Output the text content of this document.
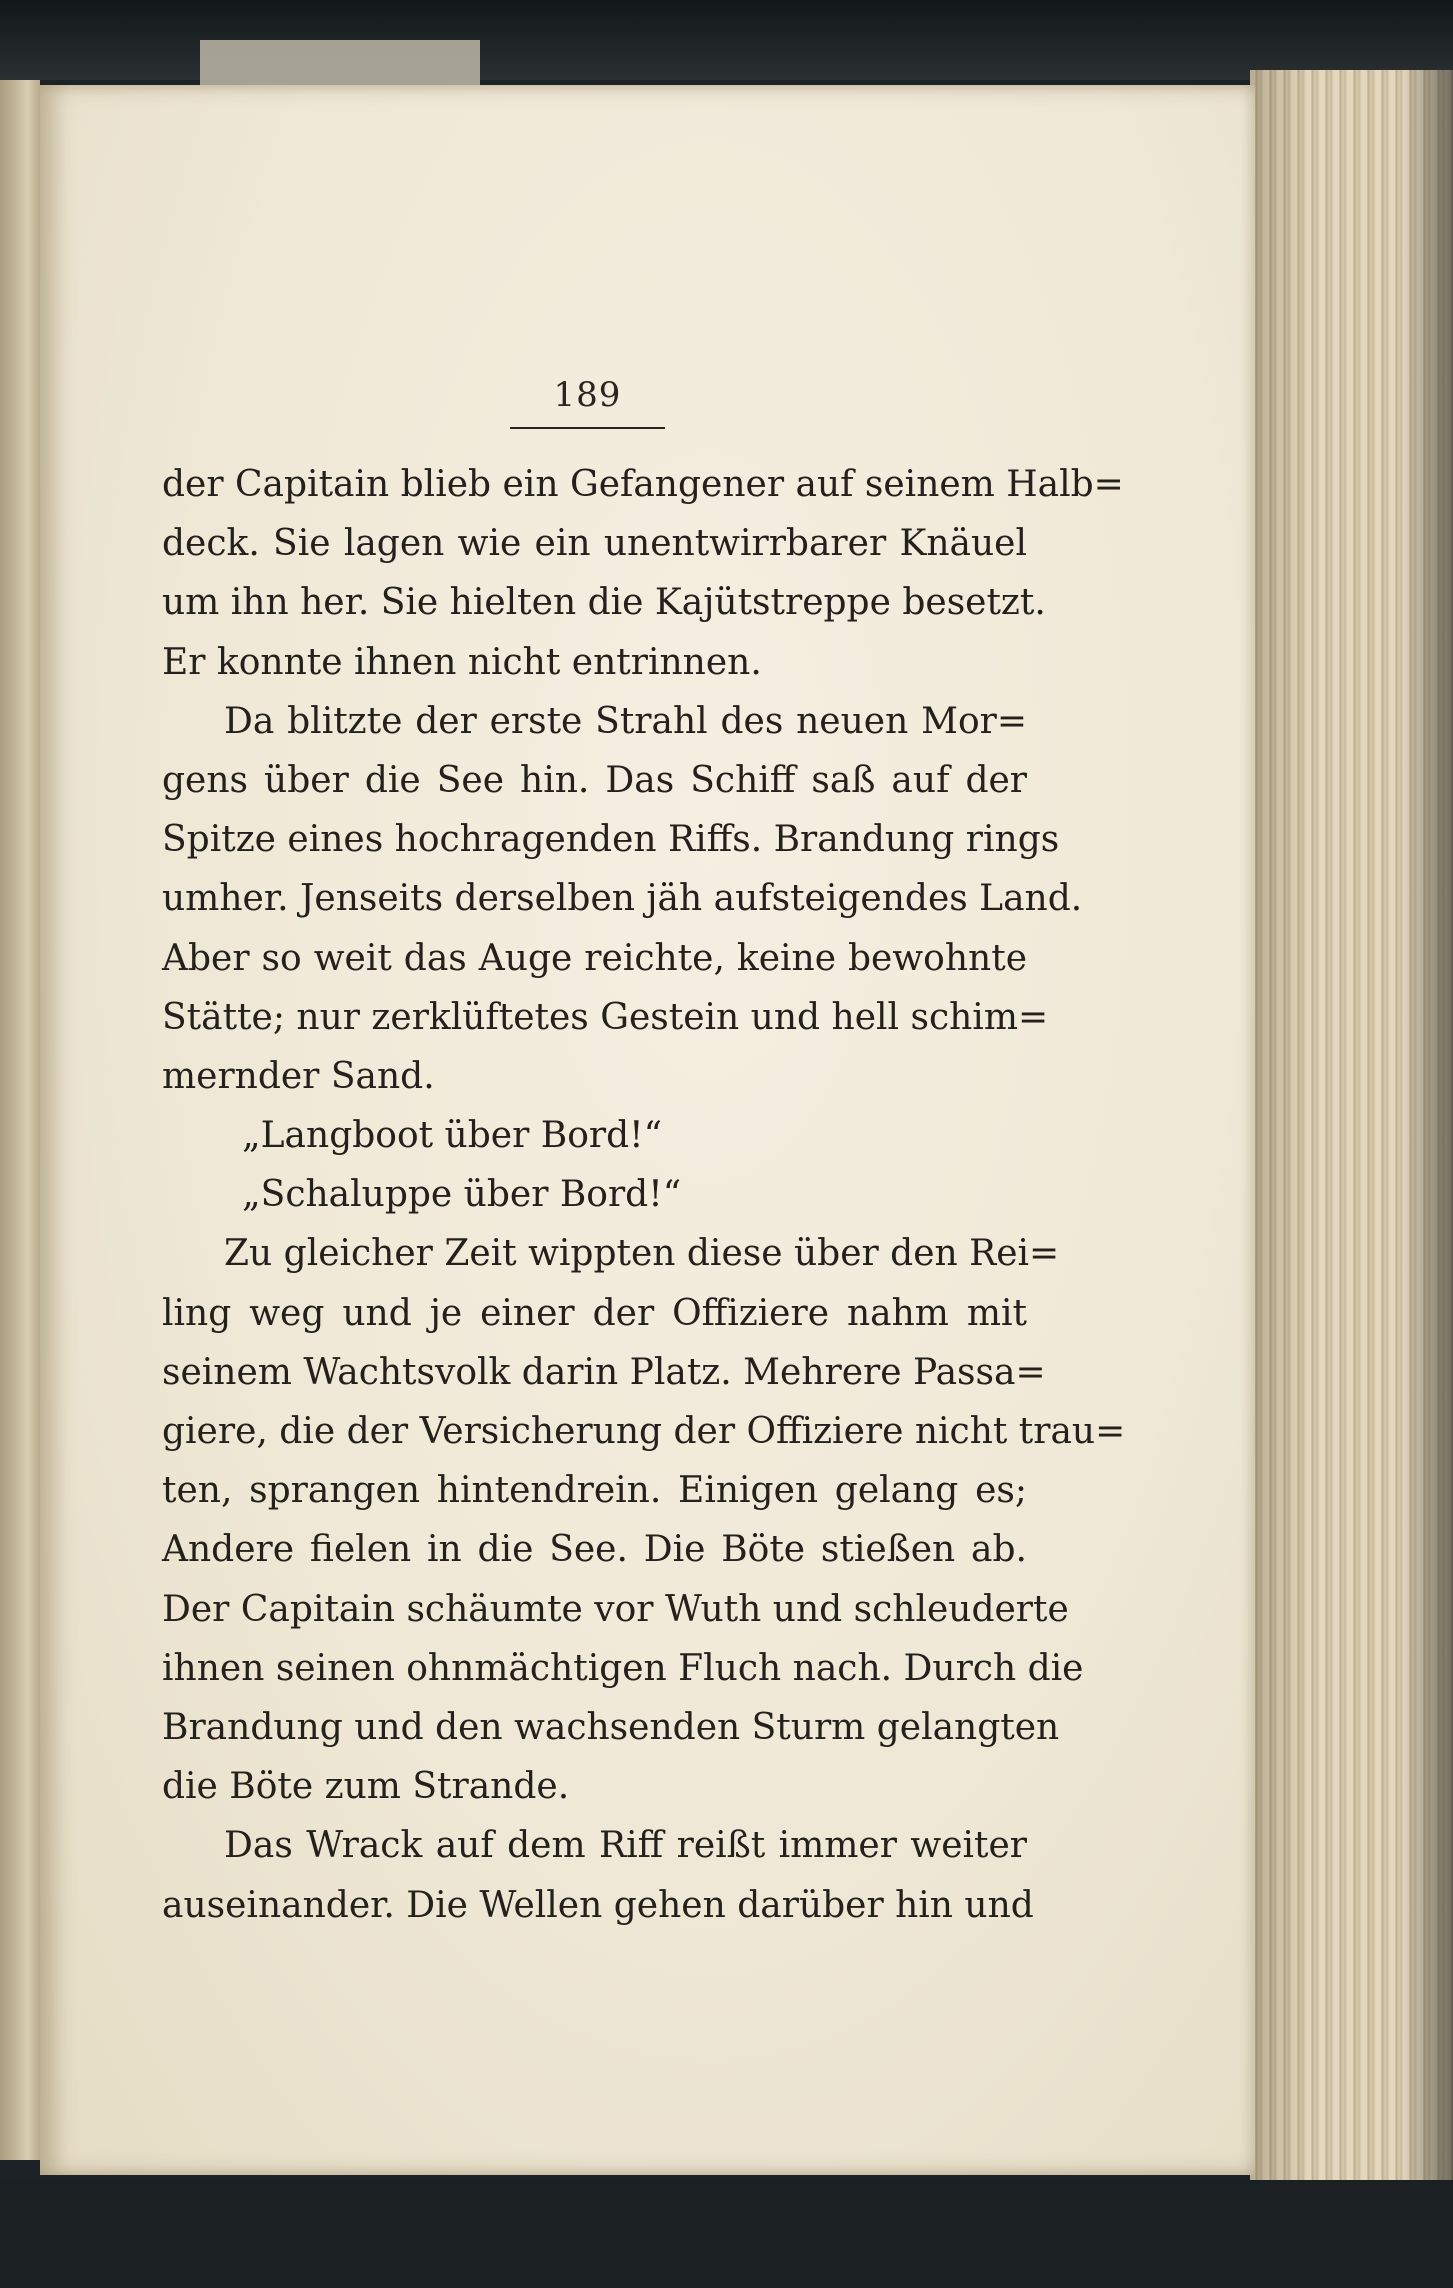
189
der Capitain blieb ein Gefangener auf seinem Halb=
deck. Sie lagen wie ein unentwirrbarer Knäuel
um ihn her. Sie hielten die Kajütstreppe besetzt.
Er konnte ihnen nicht entrinnen.
Da blitzte der erste Strahl des neuen Mor=
gens über die See hin. Das Schiff saß auf der
Spitze eines hochragenden Riffs. Brandung rings
umher. Jenseits derselben jäh aufsteigendes Land.
Aber so weit das Auge reichte, keine bewohnte
Stätte; nur zerklüftetes Gestein und hell schim=
mernder Sand.
„Langboot über Bord!“
„Schaluppe über Bord!“
Zu gleicher Zeit wippten diese über den Rei=
ling weg und je einer der Offiziere nahm mit
seinem Wachtsvolk darin Platz. Mehrere Passa=
giere, die der Versicherung der Offiziere nicht trau=
ten, sprangen hintendrein. Einigen gelang es;
Andere fielen in die See. Die Böte stießen ab.
Der Capitain schäumte vor Wuth und schleuderte
ihnen seinen ohnmächtigen Fluch nach. Durch die
Brandung und den wachsenden Sturm gelangten
die Böte zum Strande.
Das Wrack auf dem Riff reißt immer weiter
auseinander. Die Wellen gehen darüber hin und
